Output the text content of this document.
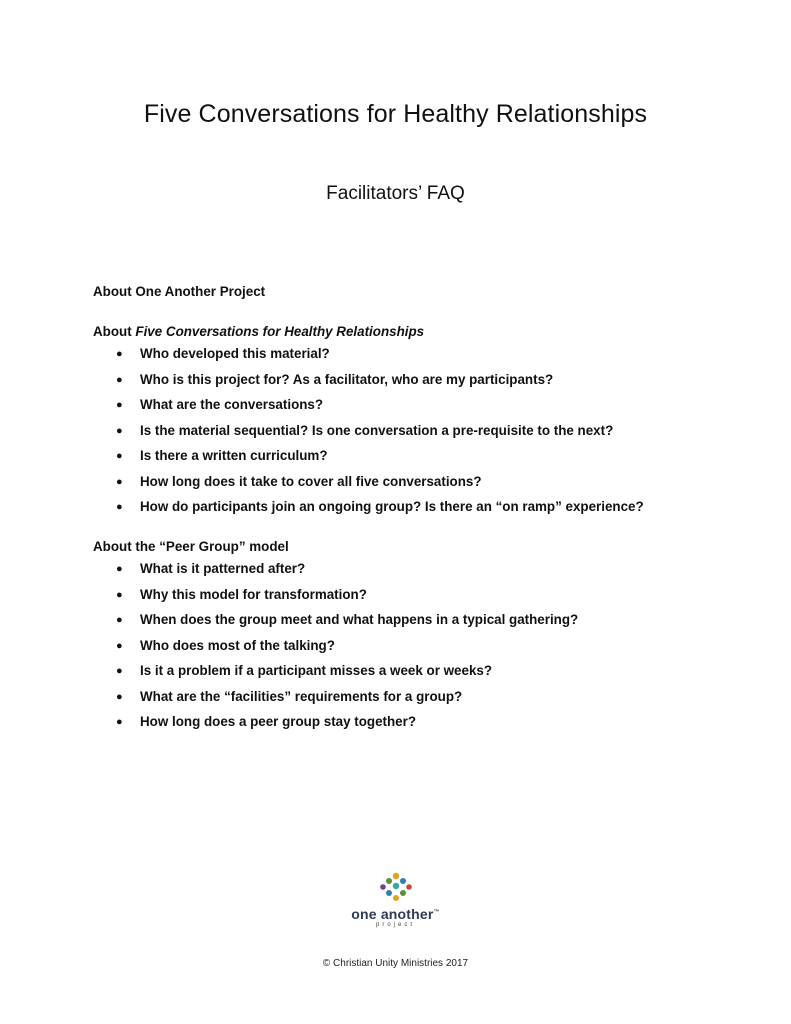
Five Conversations for Healthy Relationships
Facilitators’ FAQ

About One Another Project

About Five Conversations for Healthy Relationships

● Who developed this material?
● Who is this project for? As a facilitator, who are my participants?
● What are the conversations?
● Is the material sequential? Is one conversation a pre-requisite to the next?
● Is there a written curriculum?
● How long does it take to cover all five conversations?
● How do participants join an ongoing group? Is there an “on ramp” experience?

About the “Peer Group” model

● What is it patterned after?
● Why this model for transformation?
● When does the group meet and what happens in a typical gathering?
● Who does most of the talking?
● Is it a problem if a participant misses a week or weeks?
● What are the “facilities” requirements for a group?
● How long does a peer group stay together?
one another™
project
© Christian Unity Ministries 2017
